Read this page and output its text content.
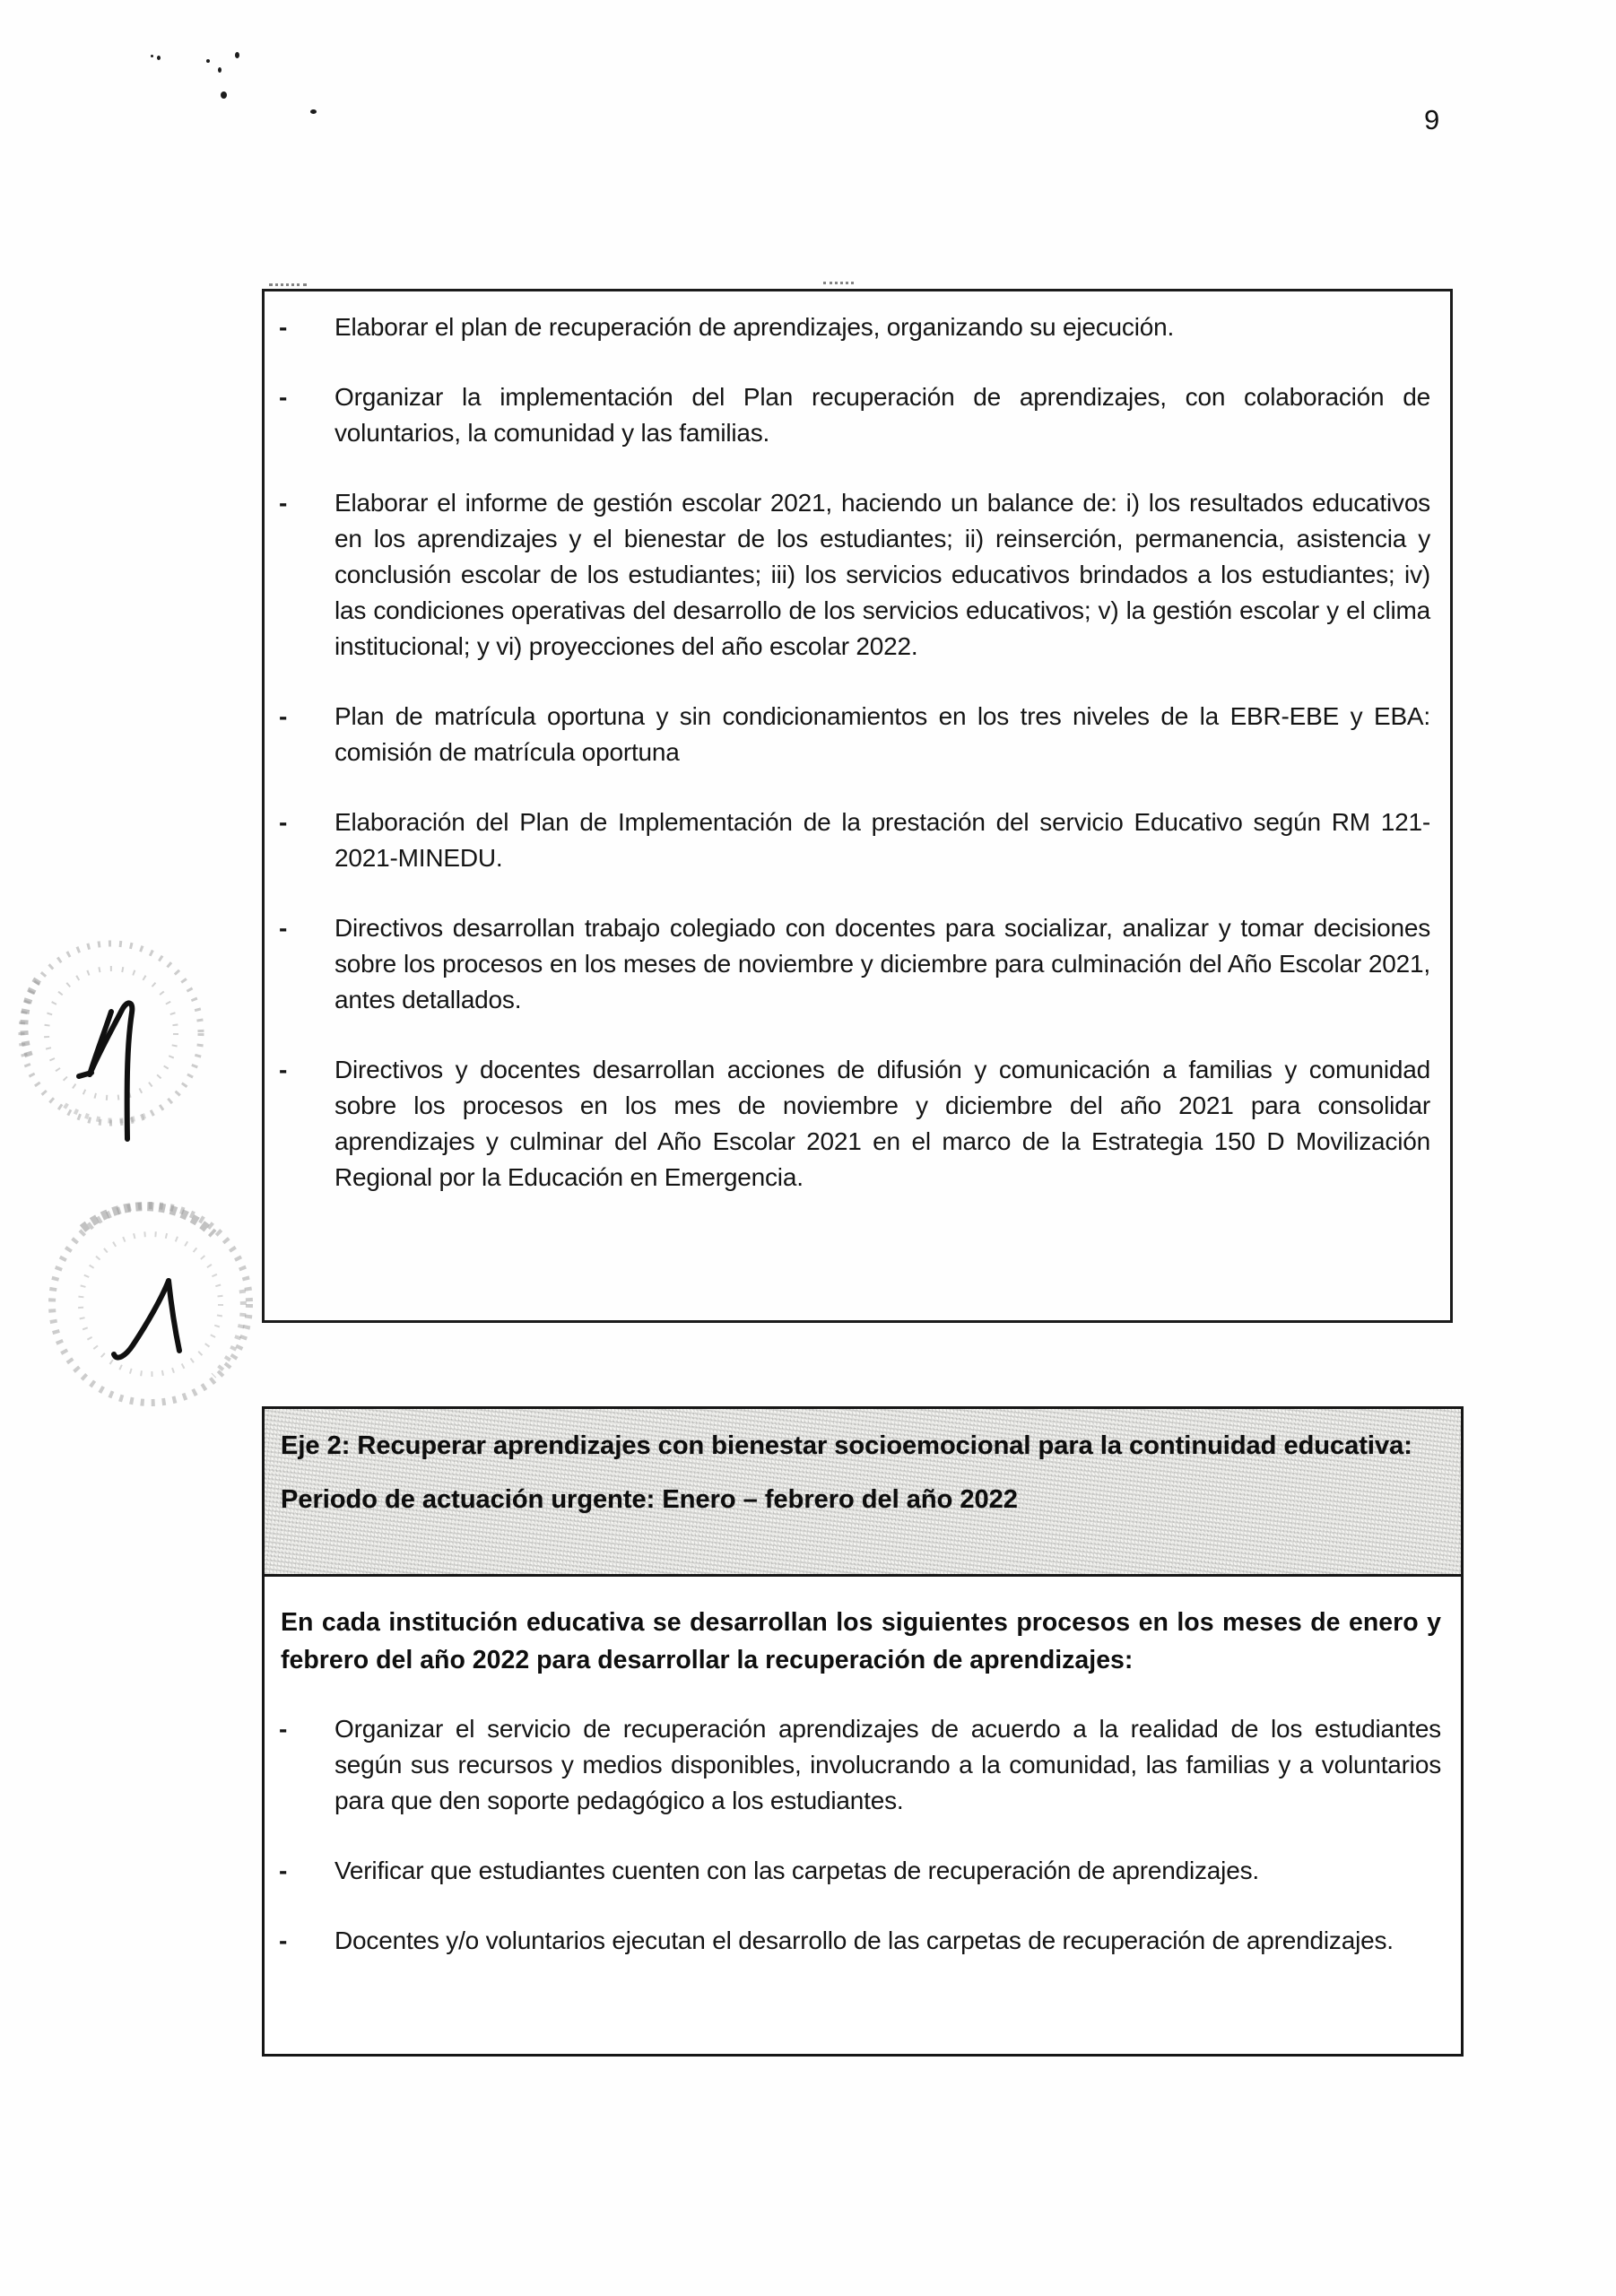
9
-	Elaborar el plan de recuperación de aprendizajes, organizando su ejecución.
-	Organizar la implementación del Plan recuperación de aprendizajes, con colaboración de voluntarios, la comunidad y las familias.
-	Elaborar el informe de gestión escolar 2021, haciendo un balance de: i) los resultados educativos en los aprendizajes y el bienestar de los estudiantes; ii) reinserción, permanencia, asistencia y conclusión escolar de los estudiantes; iii) los servicios educativos brindados a los estudiantes; iv) las condiciones operativas del desarrollo de los servicios educativos; v) la gestión escolar y el clima institucional; y vi) proyecciones del año escolar 2022.
-	Plan de matrícula oportuna y sin condicionamientos en los tres niveles de la EBR-EBE y EBA: comisión de matrícula oportuna
-	Elaboración del Plan de Implementación de la prestación del servicio Educativo según RM 121-2021-MINEDU.
-	Directivos desarrollan trabajo colegiado con docentes para socializar, analizar y tomar decisiones sobre los procesos en los meses de noviembre y diciembre para culminación del Año Escolar 2021, antes detallados.
-	Directivos y docentes desarrollan acciones de difusión y comunicación a familias y comunidad sobre los procesos en los mes de noviembre y diciembre del año 2021 para consolidar aprendizajes y culminar del Año Escolar 2021 en el marco de la Estrategia 150 D Movilización Regional por la Educación en Emergencia.

Eje 2: Recuperar aprendizajes con bienestar socioemocional para la continuidad educativa:

Periodo de actuación urgente: Enero – febrero del año 2022

En cada institución educativa se desarrollan los siguientes procesos en los meses de enero y febrero del año 2022 para desarrollar la recuperación de aprendizajes:

-	Organizar el servicio de recuperación aprendizajes de acuerdo a la realidad de los estudiantes según sus recursos y medios disponibles, involucrando a la comunidad, las familias y a voluntarios para que den soporte pedagógico a los estudiantes.
-	Verificar que estudiantes cuenten con las carpetas de recuperación de aprendizajes.
-	Docentes y/o voluntarios ejecutan el desarrollo de las carpetas de recuperación de aprendizajes.
